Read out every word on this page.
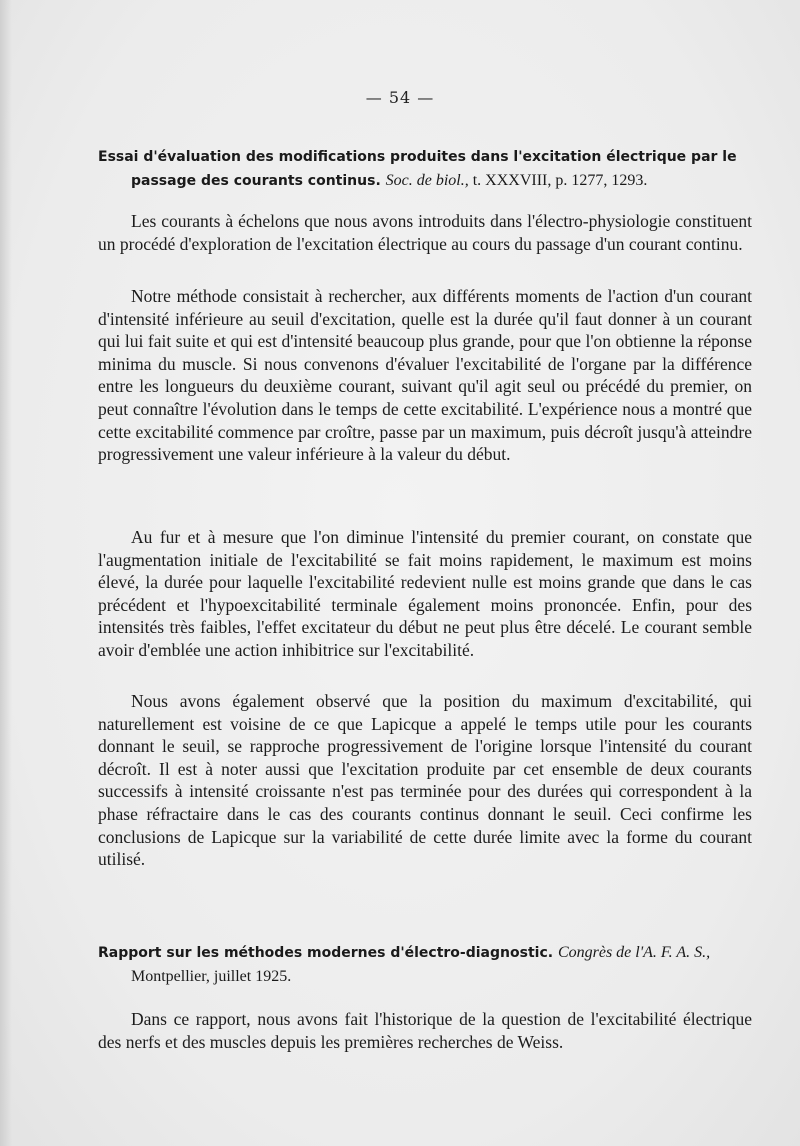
— 54 —
Essai d'évaluation des modifications produites dans l'excitation électrique par le
passage des courants continus. Soc. de biol., t. XXXVIII, p. 1277, 1293.

Les courants à échelons que nous avons introduits dans l'électro-physiologie constituent un procédé d'exploration de l'excitation électrique au cours du passage d'un courant continu.

Notre méthode consistait à rechercher, aux différents moments de l'action d'un courant d'intensité inférieure au seuil d'excitation, quelle est la durée qu'il faut donner à un courant qui lui fait suite et qui est d'intensité beaucoup plus grande, pour que l'on obtienne la réponse minima du muscle. Si nous convenons d'évaluer l'excitabilité de l'organe par la différence entre les longueurs du deuxième courant, suivant qu'il agit seul ou précédé du premier, on peut connaître l'évolution dans le temps de cette excitabilité. L'expérience nous a montré que cette excitabilité commence par croître, passe par un maximum, puis décroît jusqu'à atteindre progressivement une valeur inférieure à la valeur du début.

Au fur et à mesure que l'on diminue l'intensité du premier courant, on constate que l'augmentation initiale de l'excitabilité se fait moins rapidement, le maximum est moins élevé, la durée pour laquelle l'excitabilité redevient nulle est moins grande que dans le cas précédent et l'hypoexcitabilité terminale également moins prononcée. Enfin, pour des intensités très faibles, l'effet excitateur du début ne peut plus être décelé. Le courant semble avoir d'emblée une action inhibitrice sur l'excitabilité.

Nous avons également observé que la position du maximum d'excitabilité, qui naturellement est voisine de ce que Lapicque a appelé le temps utile pour les courants donnant le seuil, se rapproche progressivement de l'origine lorsque l'intensité du courant décroît. Il est à noter aussi que l'excitation produite par cet ensemble de deux courants successifs à intensité croissante n'est pas terminée pour des durées qui correspondent à la phase réfractaire dans le cas des courants continus donnant le seuil. Ceci confirme les conclusions de Lapicque sur la variabilité de cette durée limite avec la forme du courant utilisé.

Rapport sur les méthodes modernes d'électro-diagnostic. Congrès de l'A. F. A. S.,
Montpellier, juillet 1925.

Dans ce rapport, nous avons fait l'historique de la question de l'excitabilité électrique des nerfs et des muscles depuis les premières recherches de Weiss.
